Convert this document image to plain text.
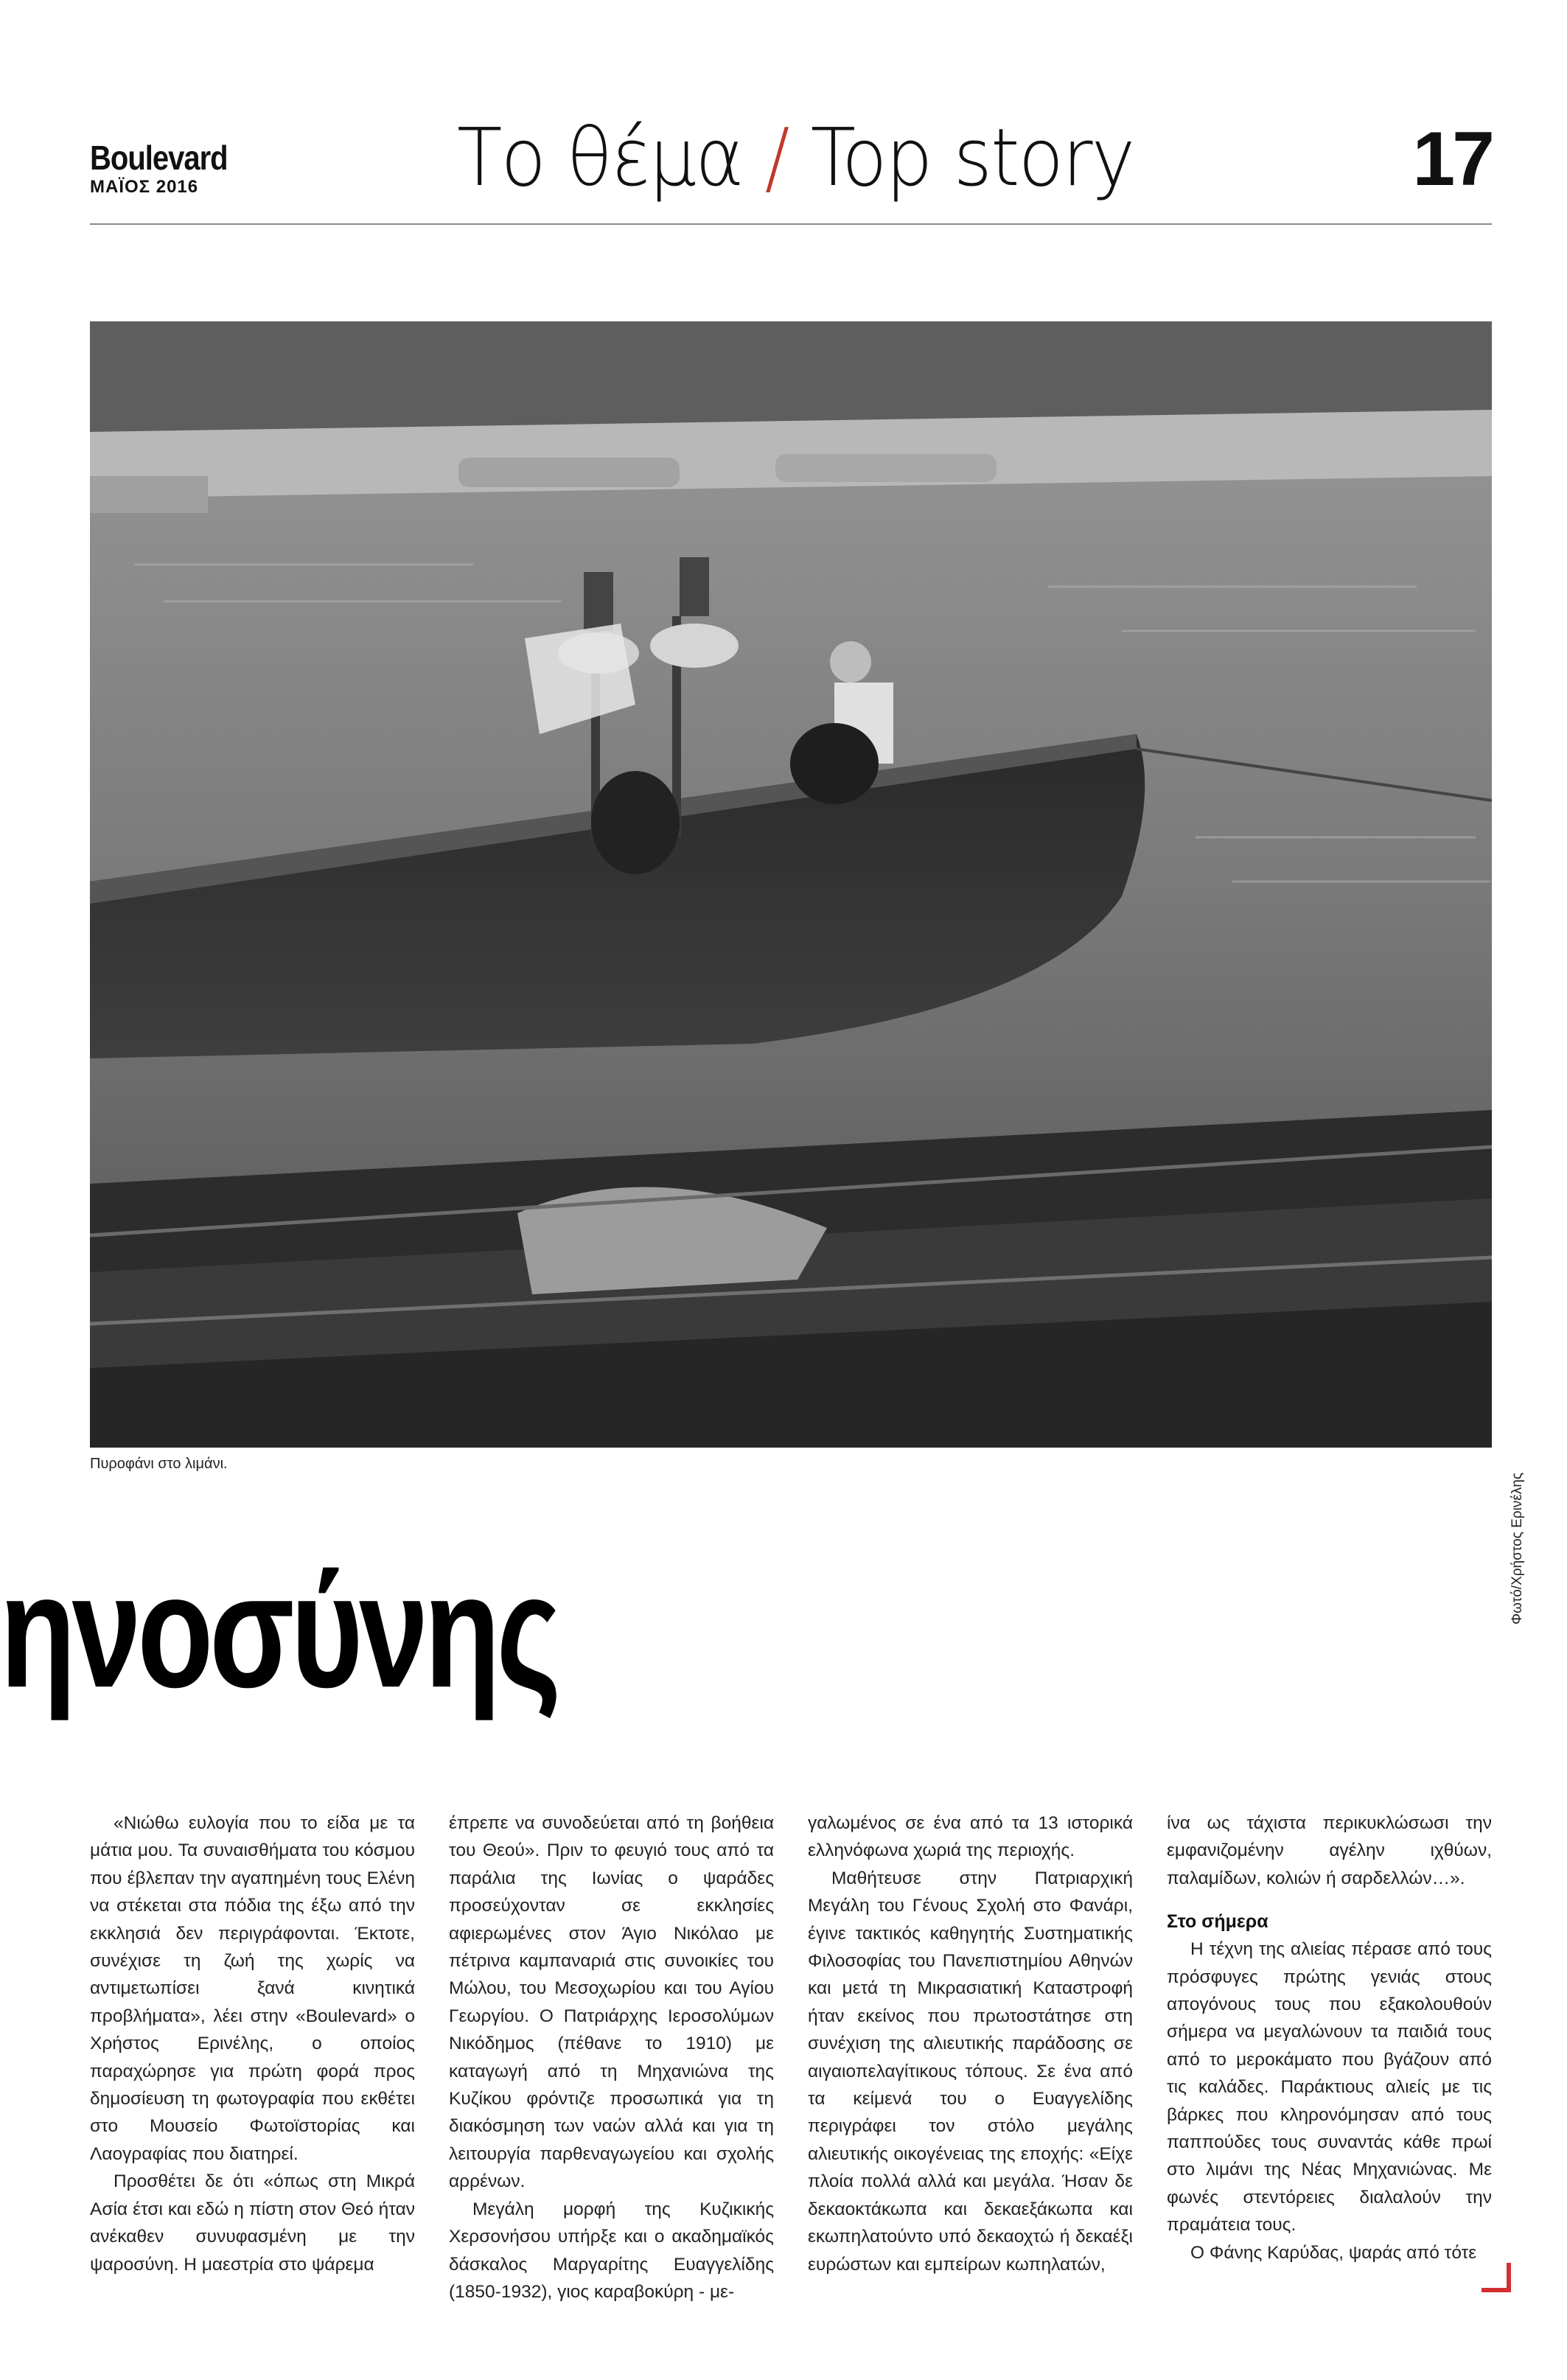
Boulevard
ΜΑΪΟΣ 2016	Το θέμα / Top story	17
Πυροφάνι στο λιμάνι.
Φωτό/Χρήστος Ερινέλης
ηνοσύνης

«Νιώθω ευλογία που το είδα με τα μάτια μου. Τα συναισθήματα του κόσμου που έβλεπαν την αγαπημένη τους Ελένη να στέκεται στα πόδια της έξω από την εκκλησιά δεν περιγράφονται. Έκτοτε, συνέχισε τη ζωή της χωρίς να αντιμετωπίσει ξανά κινητικά προβλήματα», λέει στην «Boulevard» ο Χρήστος Ερινέλης, ο οποίος παραχώρησε για πρώτη φορά προς δημοσίευση τη φωτογραφία που εκθέτει στο Μουσείο Φωτοϊστορίας και Λαογραφίας που διατηρεί.

Προσθέτει δε ότι «όπως στη Μικρά Ασία έτσι και εδώ η πίστη στον Θεό ήταν ανέκαθεν συνυφασμένη με την ψαροσύνη. Η μαεστρία στο ψάρεμα

έπρεπε να συνοδεύεται από τη βοήθεια του Θεού». Πριν τo φευγιό τους από τα παράλια της Ιωνίας ο ψαράδες προσεύχονταν σε εκκλησίες αφιερωμένες στον Άγιο Νικόλαο με πέτρινα καμπαναριά στις συνοικίες του Μώλου, του Μεσοχωρίου και του Αγίου Γεωργίου. Ο Πατριάρχης Ιεροσολύμων Νικόδημος (πέθανε το 1910) με καταγωγή από τη Μηχανιώνα της Κυζίκου φρόντιζε προσωπικά για τη διακόσμηση των ναών αλλά και για τη λειτουργία παρθεναγωγείου και σχολής αρρένων.

Μεγάλη μορφή της Κυζικικής Χερσονήσου υπήρξε και ο ακαδημαϊκός δάσκαλος Μαργαρίτης Ευαγγελίδης (1850-1932), γιος καραβοκύρη - με-

γαλωμένος σε ένα από τα 13 ιστορικά ελληνόφωνα χωριά της περιοχής.

Μαθήτευσε στην Πατριαρχική Μεγάλη του Γένους Σχολή στο Φανάρι, έγινε τακτικός καθηγητής Συστηματικής Φιλοσοφίας του Πανεπιστημίου Αθηνών και μετά τη Μικρασιατική Καταστροφή ήταν εκείνος που πρωτοστάτησε στη συνέχιση της αλιευτικής παράδοσης σε αιγαιοπελαγίτικους τόπους. Σε ένα από τα κείμενά του ο Ευαγγελίδης περιγράφει τον στόλο μεγάλης αλιευτικής οικογένειας της εποχής: «Είχε πλοία πολλά αλλά και μεγάλα. Ήσαν δε δεκαοκτάκωπα και δεκαεξάκωπα και εκωπηλατούντο υπό δεκαοχτώ ή δεκαέξι ευρώστων και εμπείρων κωπηλατών,

ίνα ως τάχιστα περικυκλώσωσι την εμφανιζομένην αγέλην ιχθύων, παλαμίδων, κολιών ή σαρδελλών…».

Στο σήμερα

Η τέχνη της αλιείας πέρασε από τους πρόσφυγες πρώτης γενιάς στους απογόνους τους που εξακολουθούν σήμερα να μεγαλώνουν τα παιδιά τους από το μεροκάματο που βγάζουν από τις καλάδες. Παράκτιους αλιείς με τις βάρκες που κληρονόμησαν από τους παππούδες τους συναντάς κάθε πρωί στο λιμάνι της Νέας Μηχανιώνας. Με φωνές στεντόρειες διαλαλούν την πραμάτεια τους.

Ο Φάνης Καρύδας, ψαράς από τότε
